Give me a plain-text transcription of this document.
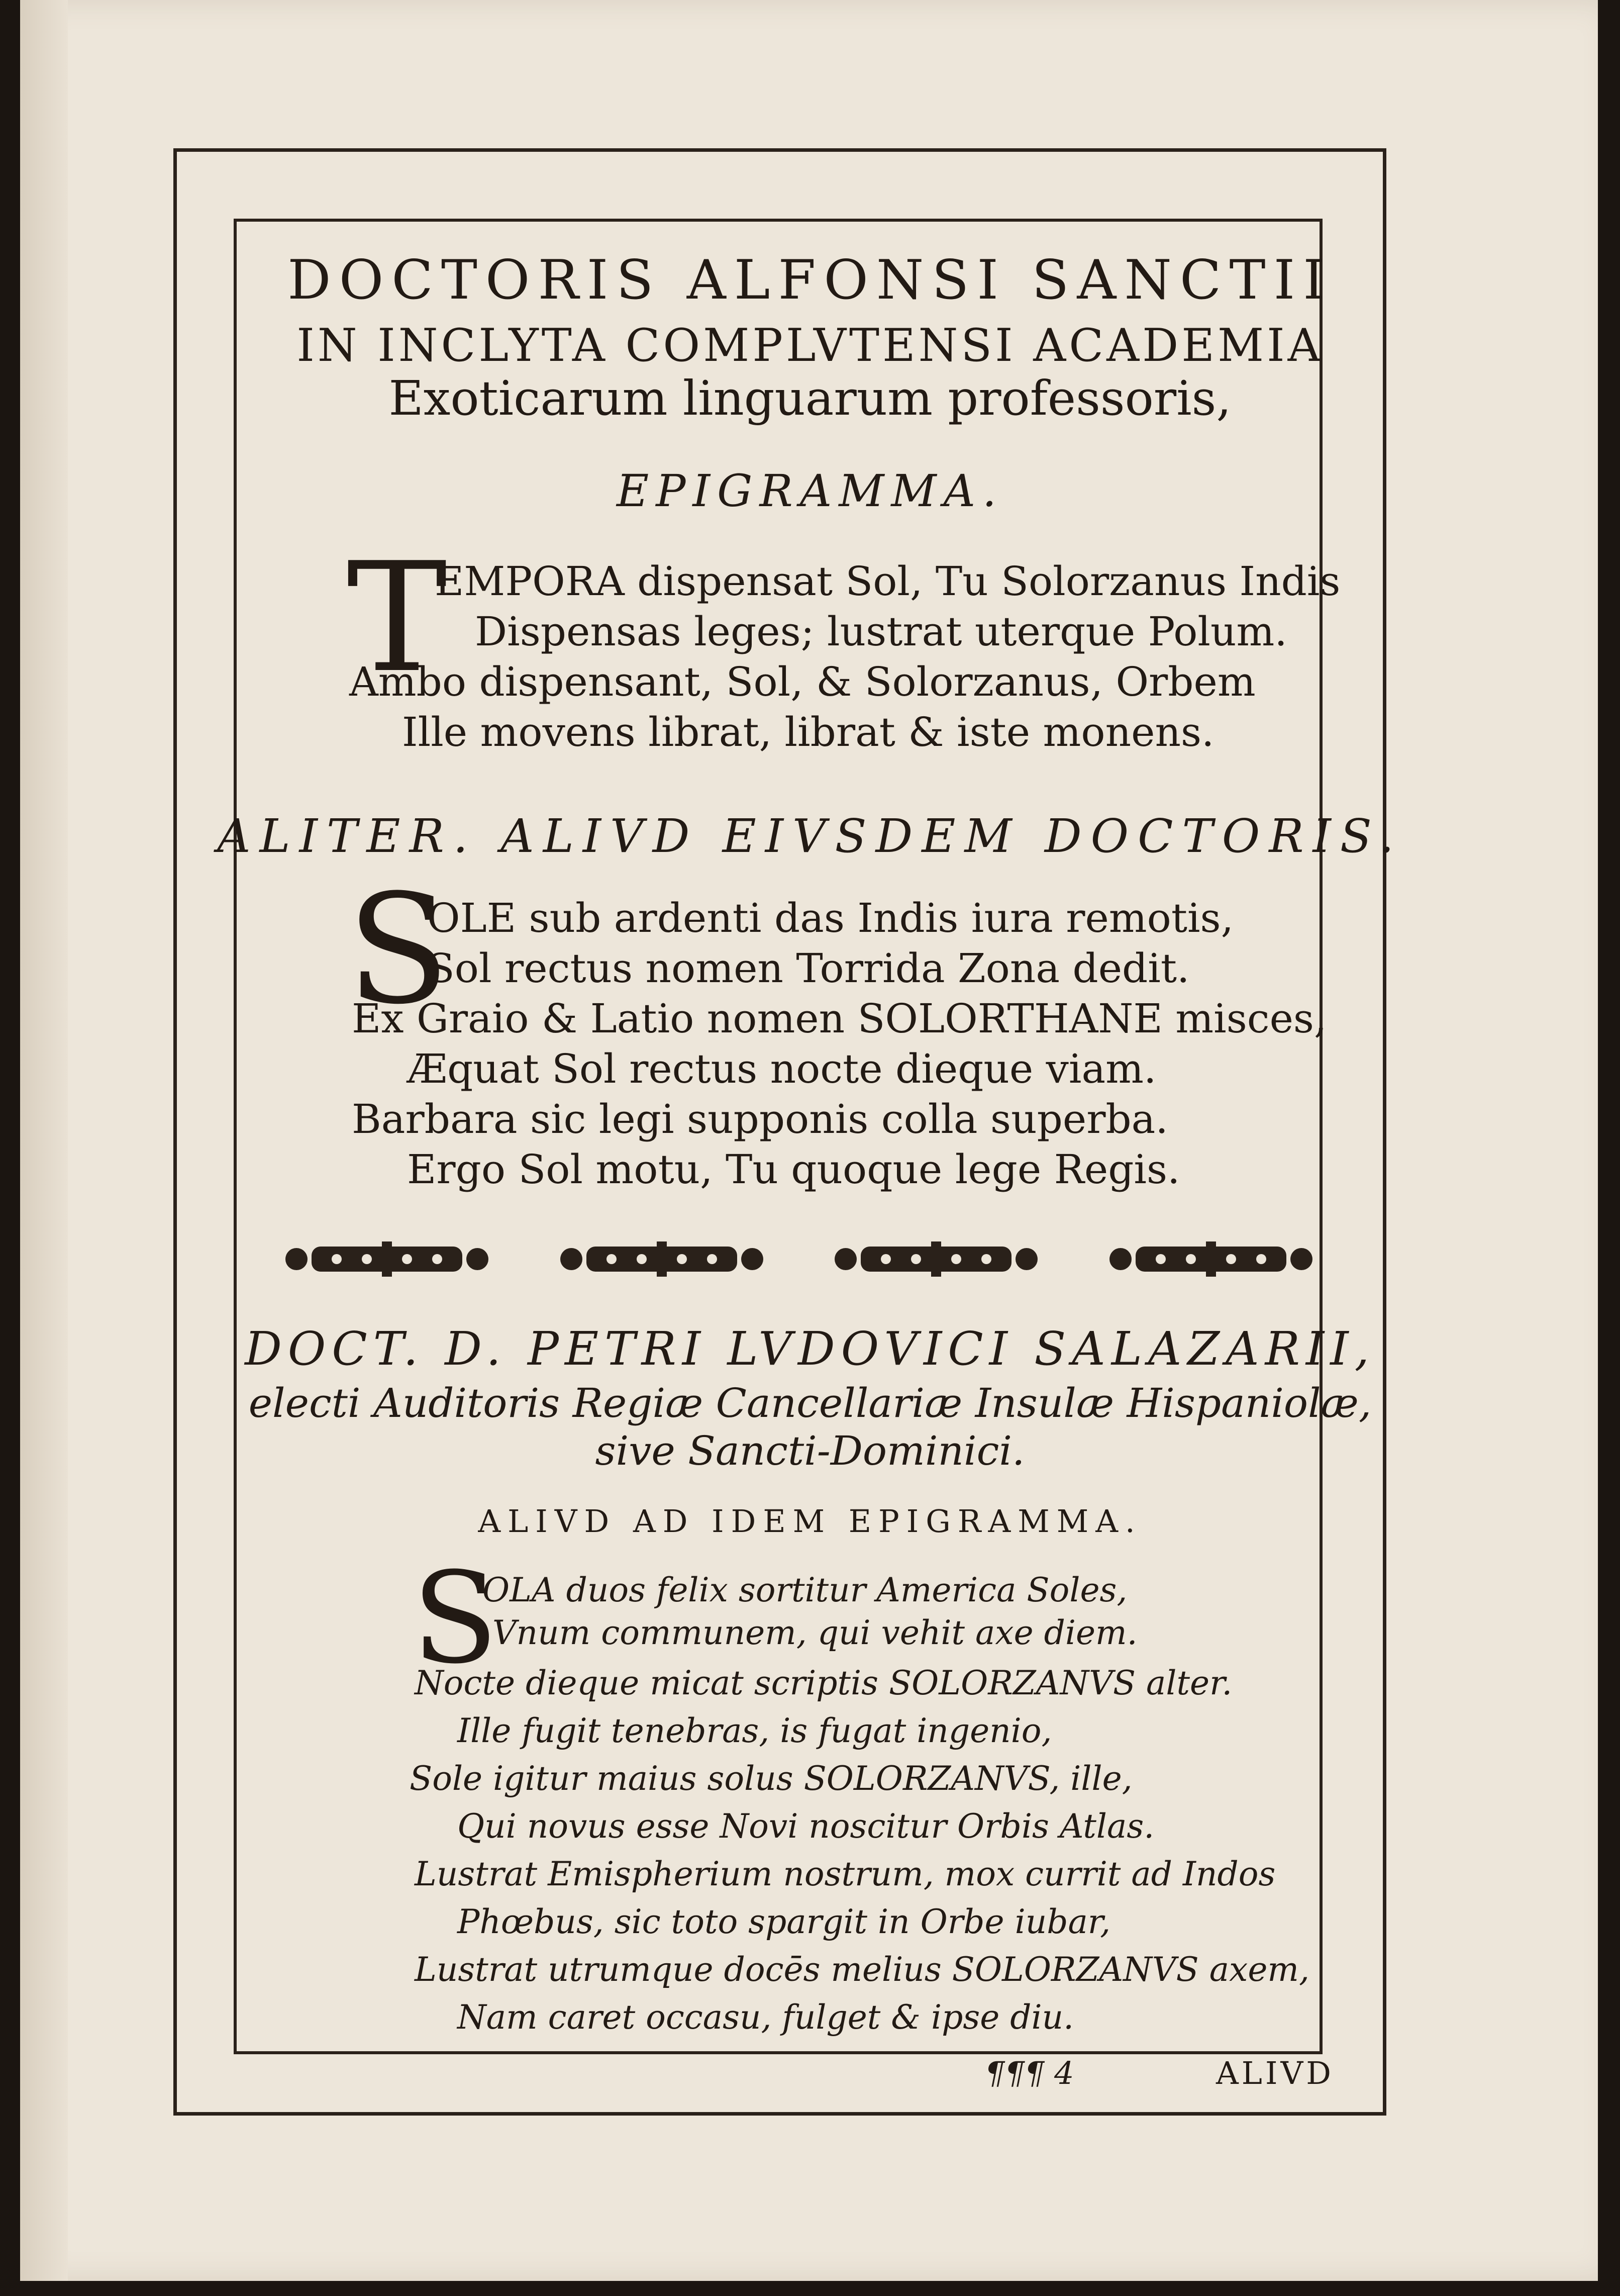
DOCTORIS ALFONSI SANCTII
IN INCLYTA COMPLVTENSI ACADEMIA
Exoticarum linguarum professoris,
EPIGRAMMA.
T
EMPORA dispensat Sol, Tu Solorzanus Indis
Dispensas leges; lustrat uterque Polum.
Ambo dispensant, Sol, & Solorzanus, Orbem
Ille movens librat, librat & iste monens.
ALITER. ALIVD EIVSDEM DOCTORIS.
S
OLE sub ardenti das Indis iura remotis,
Sol rectus nomen Torrida Zona dedit.
Ex Graio & Latio nomen SOLORTHANE misces,
Æquat Sol rectus nocte dieque viam.
Barbara sic legi supponis colla superba.
Ergo Sol motu, Tu quoque lege Regis.
DOCT. D. PETRI LVDOVICI SALAZARII,
electi Auditoris Regiæ Cancellariæ Insulæ Hispaniolæ,
sive Sancti-Dominici.
ALIVD AD IDEM EPIGRAMMA.
S
OLA duos felix sortitur America Soles,
Vnum communem, qui vehit axe diem.
Nocte dieque micat scriptis SOLORZANVS alter.
Ille fugit tenebras, is fugat ingenio,
Sole igitur maius solus SOLORZANVS, ille,
Qui novus esse Novi noscitur Orbis Atlas.
Lustrat Emispherium nostrum, mox currit ad Indos
Phœbus, sic toto spargit in Orbe iubar,
Lustrat utrumque docēs melius SOLORZANVS axem,
Nam caret occasu, fulget & ipse diu.
¶¶¶ 4	ALIVD
